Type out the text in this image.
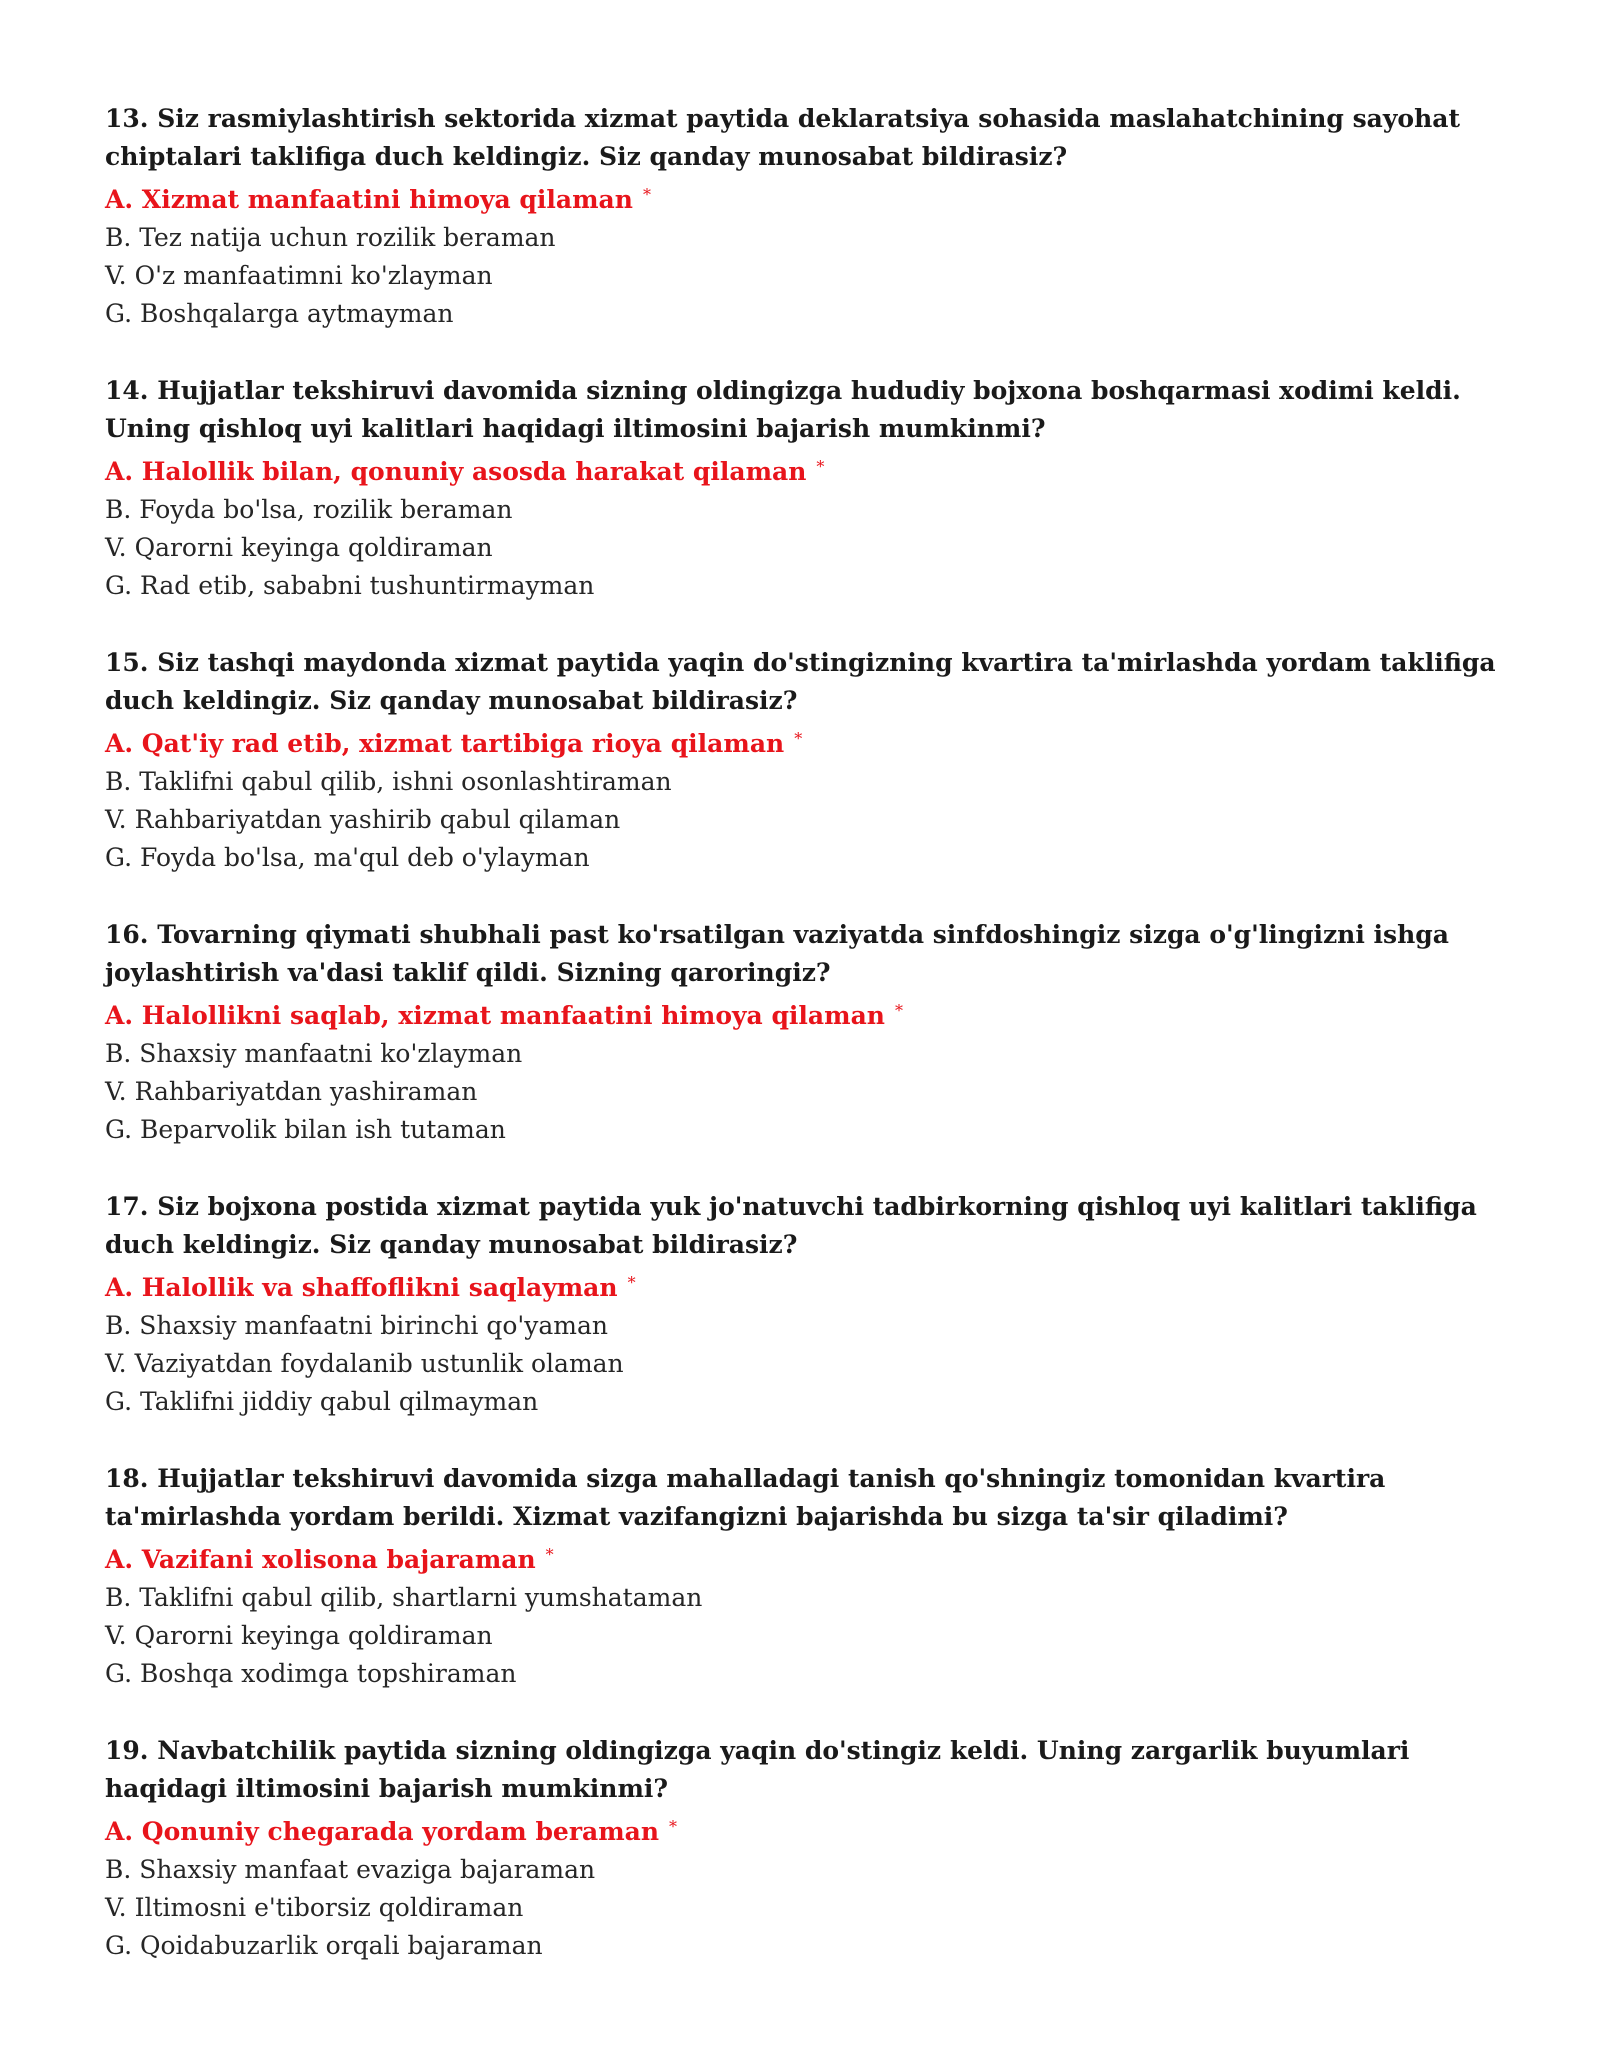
13. Siz rasmiylashtirish sektorida xizmat paytida deklaratsiya sohasida maslahatchining sayohat chiptalari taklifiga duch keldingiz. Siz qanday munosabat bildirasiz?

A. Xizmat manfaatini himoya qilaman *

B. Tez natija uchun rozilik beraman

V. O'z manfaatimni ko'zlayman

G. Boshqalarga aytmayman

14. Hujjatlar tekshiruvi davomida sizning oldingizga hududiy bojxona boshqarmasi xodimi keldi. Uning qishloq uyi kalitlari haqidagi iltimosini bajarish mumkinmi?

A. Halollik bilan, qonuniy asosda harakat qilaman *

B. Foyda bo'lsa, rozilik beraman

V. Qarorni keyinga qoldiraman

G. Rad etib, sababni tushuntirmayman

15. Siz tashqi maydonda xizmat paytida yaqin do'stingizning kvartira ta'mirlashda yordam taklifiga duch keldingiz. Siz qanday munosabat bildirasiz?

A. Qat'iy rad etib, xizmat tartibiga rioya qilaman *

B. Taklifni qabul qilib, ishni osonlashtiraman

V. Rahbariyatdan yashirib qabul qilaman

G. Foyda bo'lsa, ma'qul deb o'ylayman

16. Tovarning qiymati shubhali past ko'rsatilgan vaziyatda sinfdoshingiz sizga o'g'lingizni ishga joylashtirish va'dasi taklif qildi. Sizning qaroringiz?

A. Halollikni saqlab, xizmat manfaatini himoya qilaman *

B. Shaxsiy manfaatni ko'zlayman

V. Rahbariyatdan yashiraman

G. Beparvolik bilan ish tutaman

17. Siz bojxona postida xizmat paytida yuk jo'natuvchi tadbirkorning qishloq uyi kalitlari taklifiga duch keldingiz. Siz qanday munosabat bildirasiz?

A. Halollik va shaffoflikni saqlayman *

B. Shaxsiy manfaatni birinchi qo'yaman

V. Vaziyatdan foydalanib ustunlik olaman

G. Taklifni jiddiy qabul qilmayman

18. Hujjatlar tekshiruvi davomida sizga mahalladagi tanish qo'shningiz tomonidan kvartira ta'mirlashda yordam berildi. Xizmat vazifangizni bajarishda bu sizga ta'sir qiladimi?

A. Vazifani xolisona bajaraman *

B. Taklifni qabul qilib, shartlarni yumshataman

V. Qarorni keyinga qoldiraman

G. Boshqa xodimga topshiraman

19. Navbatchilik paytida sizning oldingizga yaqin do'stingiz keldi. Uning zargarlik buyumlari haqidagi iltimosini bajarish mumkinmi?

A. Qonuniy chegarada yordam beraman *

B. Shaxsiy manfaat evaziga bajaraman

V. Iltimosni e'tiborsiz qoldiraman

G. Qoidabuzarlik orqali bajaraman
